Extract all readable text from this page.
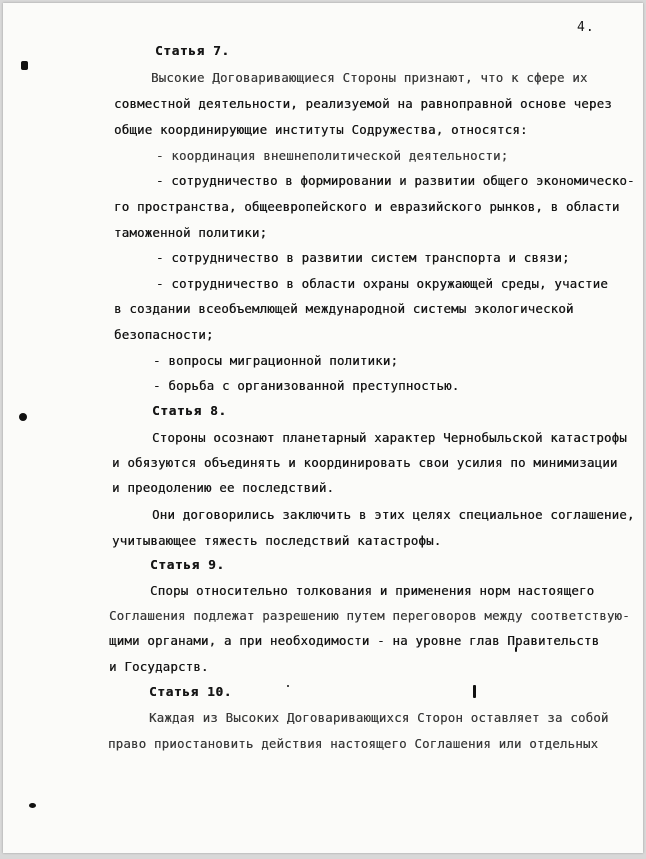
4.
Статья 7.
Высокие Договаривающиеся Стороны признают, что к сфере их
совместной деятельности, реализуемой на равноправной основе через
общие координирующие институты Содружества, относятся:
- координация внешнеполитической деятельности;
- сотрудничество в формировании и развитии общего экономическо-
го пространства, общеевропейского и евразийского рынков, в области
таможенной политики;
- сотрудничество в развитии систем транспорта и связи;
- сотрудничество в области охраны окружающей среды, участие
в создании всеобъемлющей международной системы экологической
безопасности;
- вопросы миграционной политики;
- борьба с организованной преступностью.
Статья 8.
Стороны осознают планетарный характер Чернобыльской катастрофы
и обязуются объединять и координировать свои усилия по минимизации
и преодолению ее последствий.
Они договорились заключить в этих целях специальное соглашение,
учитывающее тяжесть последствий катастрофы.
Статья 9.
Споры относительно толкования и применения норм настоящего
Соглашения подлежат разрешению путем переговоров между соответствую-
щими органами, а при необходимости - на уровне глав Правительств
и Государств.
Статья 10.
Каждая из Высоких Договаривающихся Сторон оставляет за собой
право приостановить действия настоящего Соглашения или отдельных
